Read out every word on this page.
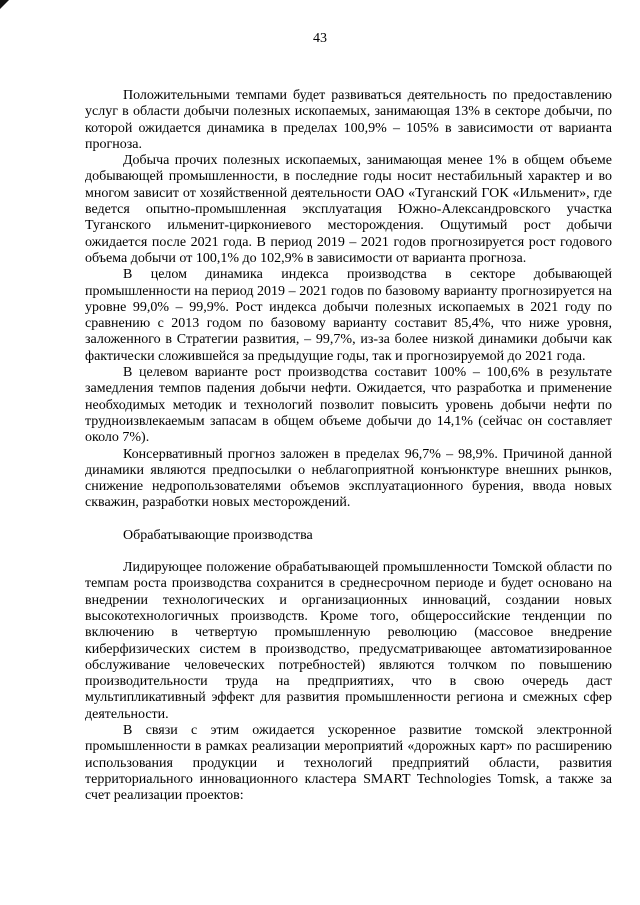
43

Положительными темпами будет развиваться деятельность по предоставлению услуг в области добычи полезных ископаемых, занимающая 13% в секторе добычи, по которой ожидается динамика в пределах 100,9% – 105% в зависимости от варианта прогноза.

Добыча прочих полезных ископаемых, занимающая менее 1% в общем объеме добывающей промышленности, в последние годы носит нестабильный характер и во многом зависит от хозяйственной деятельности ОАО «Туганский ГОК «Ильменит», где ведется опытно-промышленная эксплуатация Южно-Александровского участка Туганского ильменит-циркониевого месторождения. Ощутимый рост добычи ожидается после 2021 года. В период 2019 – 2021 годов прогнозируется рост годового объема добычи от 100,1% до 102,9% в зависимости от варианта прогноза.

В целом динамика индекса производства в секторе добывающей промышленности на период 2019 – 2021 годов по базовому варианту прогнозируется на уровне 99,0% – 99,9%. Рост индекса добычи полезных ископаемых в 2021 году по сравнению с 2013 годом по базовому варианту составит 85,4%, что ниже уровня, заложенного в Стратегии развития, – 99,7%, из-за более низкой динамики добычи как фактически сложившейся за предыдущие годы, так и прогнозируемой до 2021 года.

В целевом варианте рост производства составит 100% – 100,6% в результате замедления темпов падения добычи нефти. Ожидается, что разработка и применение необходимых методик и технологий позволит повысить уровень добычи нефти по трудноизвлекаемым запасам в общем объеме добычи до 14,1% (сейчас он составляет около 7%).

Консервативный прогноз заложен в пределах 96,7% – 98,9%. Причиной данной динамики являются предпосылки о неблагоприятной конъюнктуре внешних рынков, снижение недропользователями объемов эксплуатационного бурения, ввода новых скважин, разработки новых месторождений.

Обрабатывающие производства

Лидирующее положение обрабатывающей промышленности Томской области по темпам роста производства сохранится в среднесрочном периоде и будет основано на внедрении технологических и организационных инноваций, создании новых высокотехнологичных производств. Кроме того, общероссийские тенденции по включению в четвертую промышленную революцию (массовое внедрение киберфизических систем в производство, предусматривающее автоматизированное обслуживание человеческих потребностей) являются толчком по повышению производительности труда на предприятиях, что в свою очередь даст мультипликативный эффект для развития промышленности региона и смежных сфер деятельности.

В связи с этим ожидается ускоренное развитие томской электронной промышленности в рамках реализации мероприятий «дорожных карт» по расширению использования продукции и технологий предприятий области, развития территориального инновационного кластера SMART Technologies Tomsk, а также за счет реализации проектов:
